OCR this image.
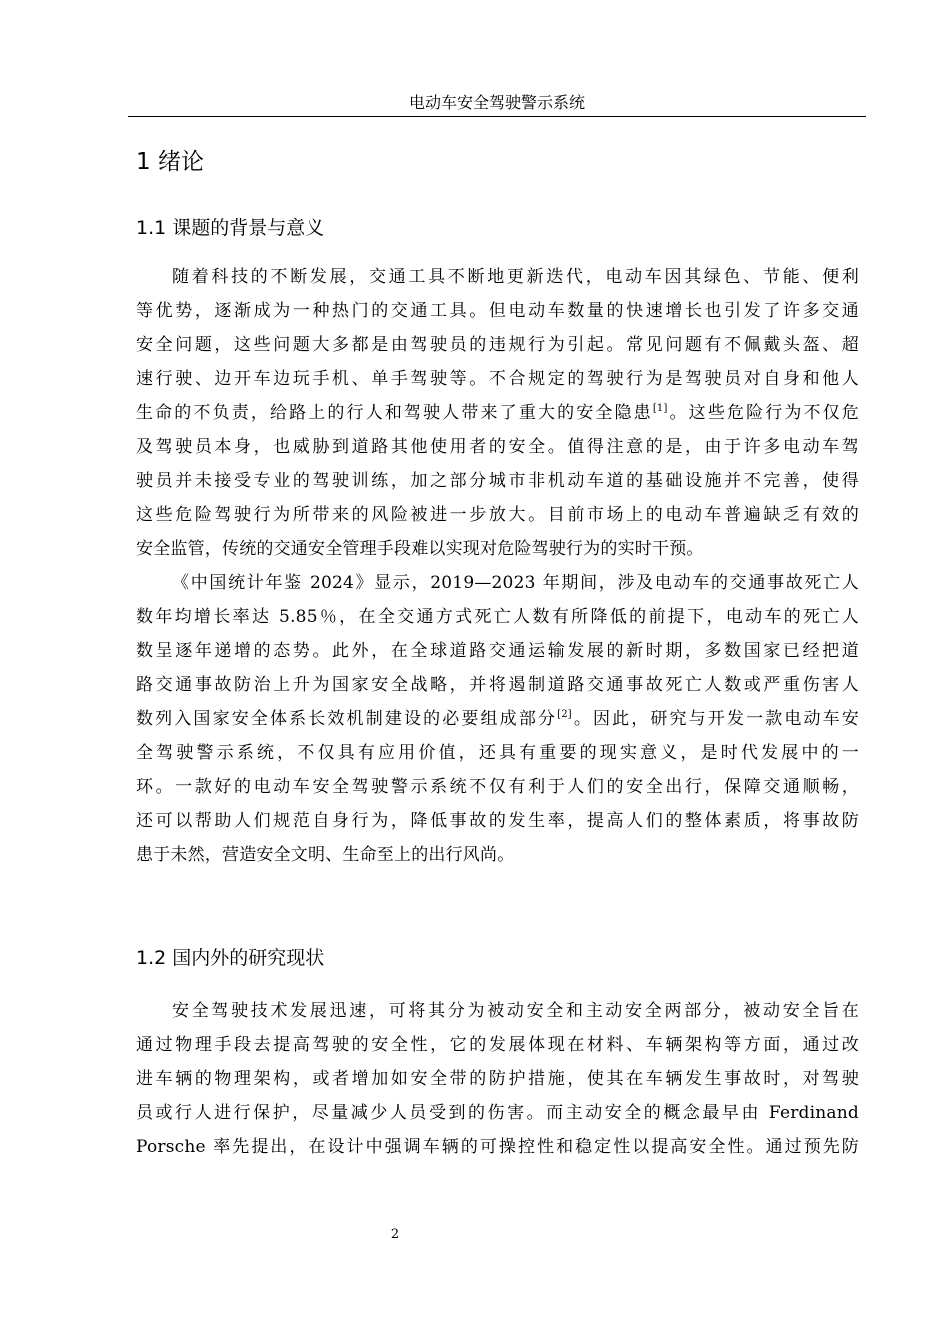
电动车安全驾驶警示系统
1 绪论
1.1 课题的背景与意义
随着科技的不断发展，交通工具不断地更新迭代，电动车因其绿色、节能、便利
等优势，逐渐成为一种热门的交通工具。但电动车数量的快速增长也引发了许多交通
安全问题，这些问题大多都是由驾驶员的违规行为引起。常见问题有不佩戴头盔、超
速行驶、边开车边玩手机、单手驾驶等。不合规定的驾驶行为是驾驶员对自身和他人
生命的不负责，给路上的行人和驾驶人带来了重大的安全隐患[1]。这些危险行为不仅危
及驾驶员本身，也威胁到道路其他使用者的安全。值得注意的是，由于许多电动车驾
驶员并未接受专业的驾驶训练，加之部分城市非机动车道的基础设施并不完善，使得
这些危险驾驶行为所带来的风险被进一步放大。目前市场上的电动车普遍缺乏有效的
安全监管，传统的交通安全管理手段难以实现对危险驾驶行为的实时干预。
《中国统计年鉴 2024》显示，2019—2023 年期间，涉及电动车的交通事故死亡人
数年均增长率达 5.85％，在全交通方式死亡人数有所降低的前提下，电动车的死亡人
数呈逐年递增的态势。此外，在全球道路交通运输发展的新时期，多数国家已经把道
路交通事故防治上升为国家安全战略，并将遏制道路交通事故死亡人数或严重伤害人
数列入国家安全体系长效机制建设的必要组成部分[2]。因此，研究与开发一款电动车安
全驾驶警示系统，不仅具有应用价值，还具有重要的现实意义，是时代发展中的一
环。一款好的电动车安全驾驶警示系统不仅有利于人们的安全出行，保障交通顺畅，
还可以帮助人们规范自身行为，降低事故的发生率，提高人们的整体素质，将事故防
患于未然，营造安全文明、生命至上的出行风尚。
1.2 国内外的研究现状
安全驾驶技术发展迅速，可将其分为被动安全和主动安全两部分，被动安全旨在
通过物理手段去提高驾驶的安全性，它的发展体现在材料、车辆架构等方面，通过改
进车辆的物理架构，或者增加如安全带的防护措施，使其在车辆发生事故时，对驾驶
员或行人进行保护，尽量减少人员受到的伤害。而主动安全的概念最早由 Ferdinand
Porsche 率先提出，在设计中强调车辆的可操控性和稳定性以提高安全性。通过预先防
2
